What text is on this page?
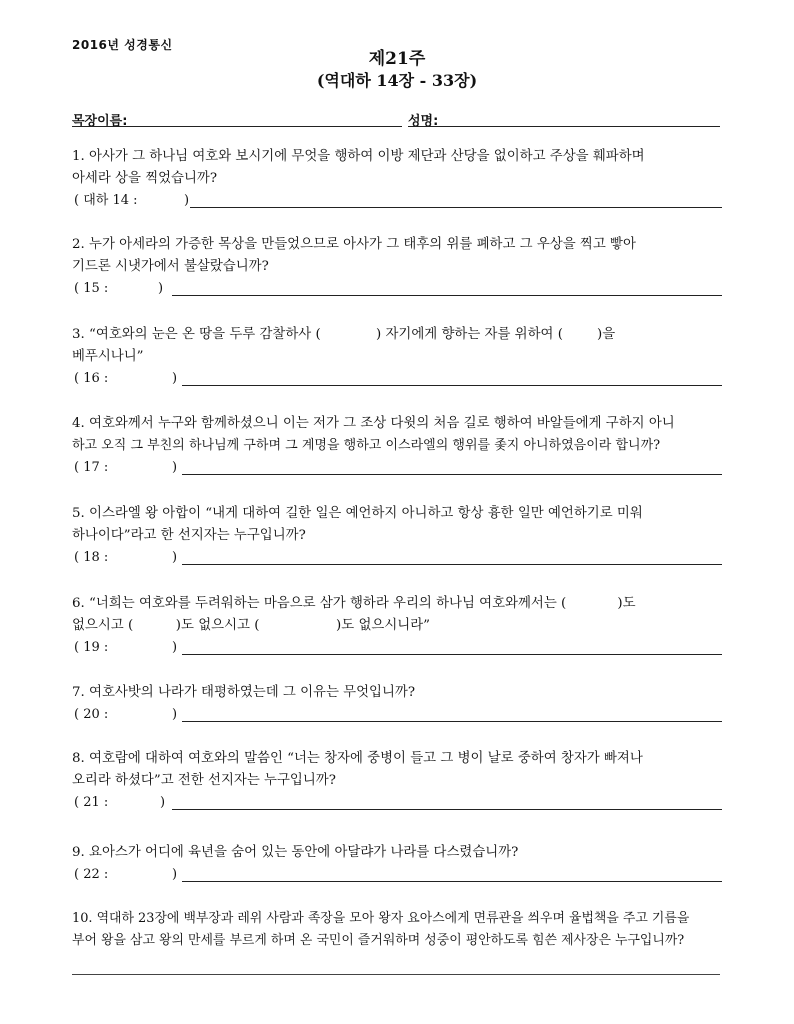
2016년 성경통신
제21주
(역대하 14장 - 33장)
목장이름:	성명:
1. 아사가 그 하나님 여호와 보시기에 무엇을 행하여 이방 제단과 산당을 없이하고 주상을 훼파하며
아세라 상을 찍었습니까?
( 대하 14 :	)
2. 누가 아세라의 가증한 목상을 만들었으므로 아사가 그 태후의 위를 폐하고 그 우상을 찍고 빻아
기드론 시냇가에서 불살랐습니까?
( 15 :	)
3. “여호와의 눈은 온 땅을 두루 감찰하사 (             ) 자기에게 향하는 자를 위하여 (        )을
베푸시나니”
( 16 :	)
4. 여호와께서 누구와 함께하셨으니 이는 저가 그 조상 다윗의 처음 길로 행하여 바알들에게 구하지 아니
하고 오직 그 부친의 하나님께 구하며 그 계명을 행하고 이스라엘의 행위를 좇지 아니하였음이라 합니까?
( 17 :	)
5. 이스라엘 왕 아합이 “내게 대하여 길한 일은 예언하지 아니하고 항상 흉한 일만 예언하기로 미워
하나이다”라고 한 선지자는 누구입니까?
( 18 :	)
6. “너희는 여호와를 두려워하는 마음으로 삼가 행하라 우리의 하나님 여호와께서는 (            )도
없으시고 (          )도 없으시고 (                  )도 없으시니라”
( 19 :	)
7. 여호사밧의 나라가 태평하였는데 그 이유는 무엇입니까?
( 20 :	)
8. 여호람에 대하여 여호와의 말씀인 “너는 창자에 중병이 들고 그 병이 날로 중하여 창자가 빠져나
오리라 하셨다”고 전한 선지자는 누구입니까?
( 21 :	)
9. 요아스가 어디에 육년을 숨어 있는 동안에 아달랴가 나라를 다스렸습니까?
( 22 :	)
10. 역대하 23장에 백부장과 레위 사람과 족장을 모아 왕자 요아스에게 면류관을 씌우며 율법책을 주고 기름을
부어 왕을 삼고 왕의 만세를 부르게 하며 온 국민이 즐거워하며 성중이 평안하도록 힘쓴 제사장은 누구입니까?
